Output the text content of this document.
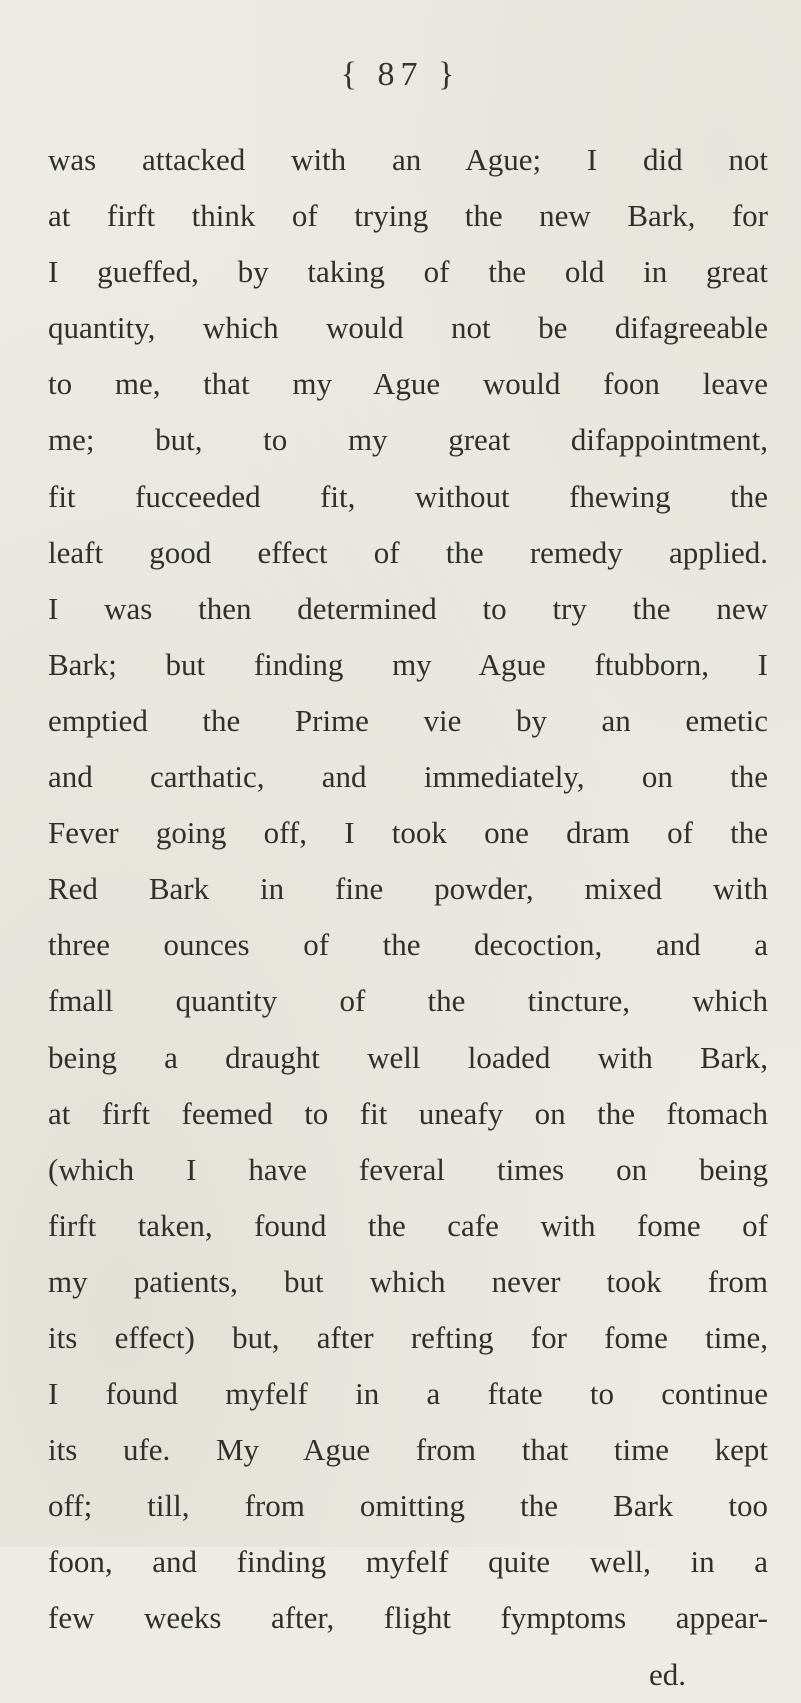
{ 87 }
was attacked with an Ague; I did not
at firft think of trying the new Bark, for
I gueffed, by taking of the old in great
quantity, which would not be difagreeable
to me, that my Ague would foon leave
me; but, to my great difappointment,
fit fucceeded fit, without fhewing the
leaft good effect of the remedy applied.
I was then determined to try the new
Bark; but finding my Ague ftubborn, I
emptied the Prime vie by an emetic
and carthatic, and immediately, on the
Fever going off, I took one dram of the
Red Bark in fine powder, mixed with
three ounces of the decoction, and a
fmall quantity of the tincture, which
being a draught well loaded with Bark,
at firft feemed to fit uneafy on the ftomach
(which I have feveral times on being
firft taken, found the cafe with fome of
my patients, but which never took from
its effect) but, after refting for fome time,
I found myfelf in a ftate to continue
its ufe. My Ague from that time kept
off; till, from omitting the Bark too
foon, and finding myfelf quite well, in a
few weeks after, flight fymptoms appear-
ed.
